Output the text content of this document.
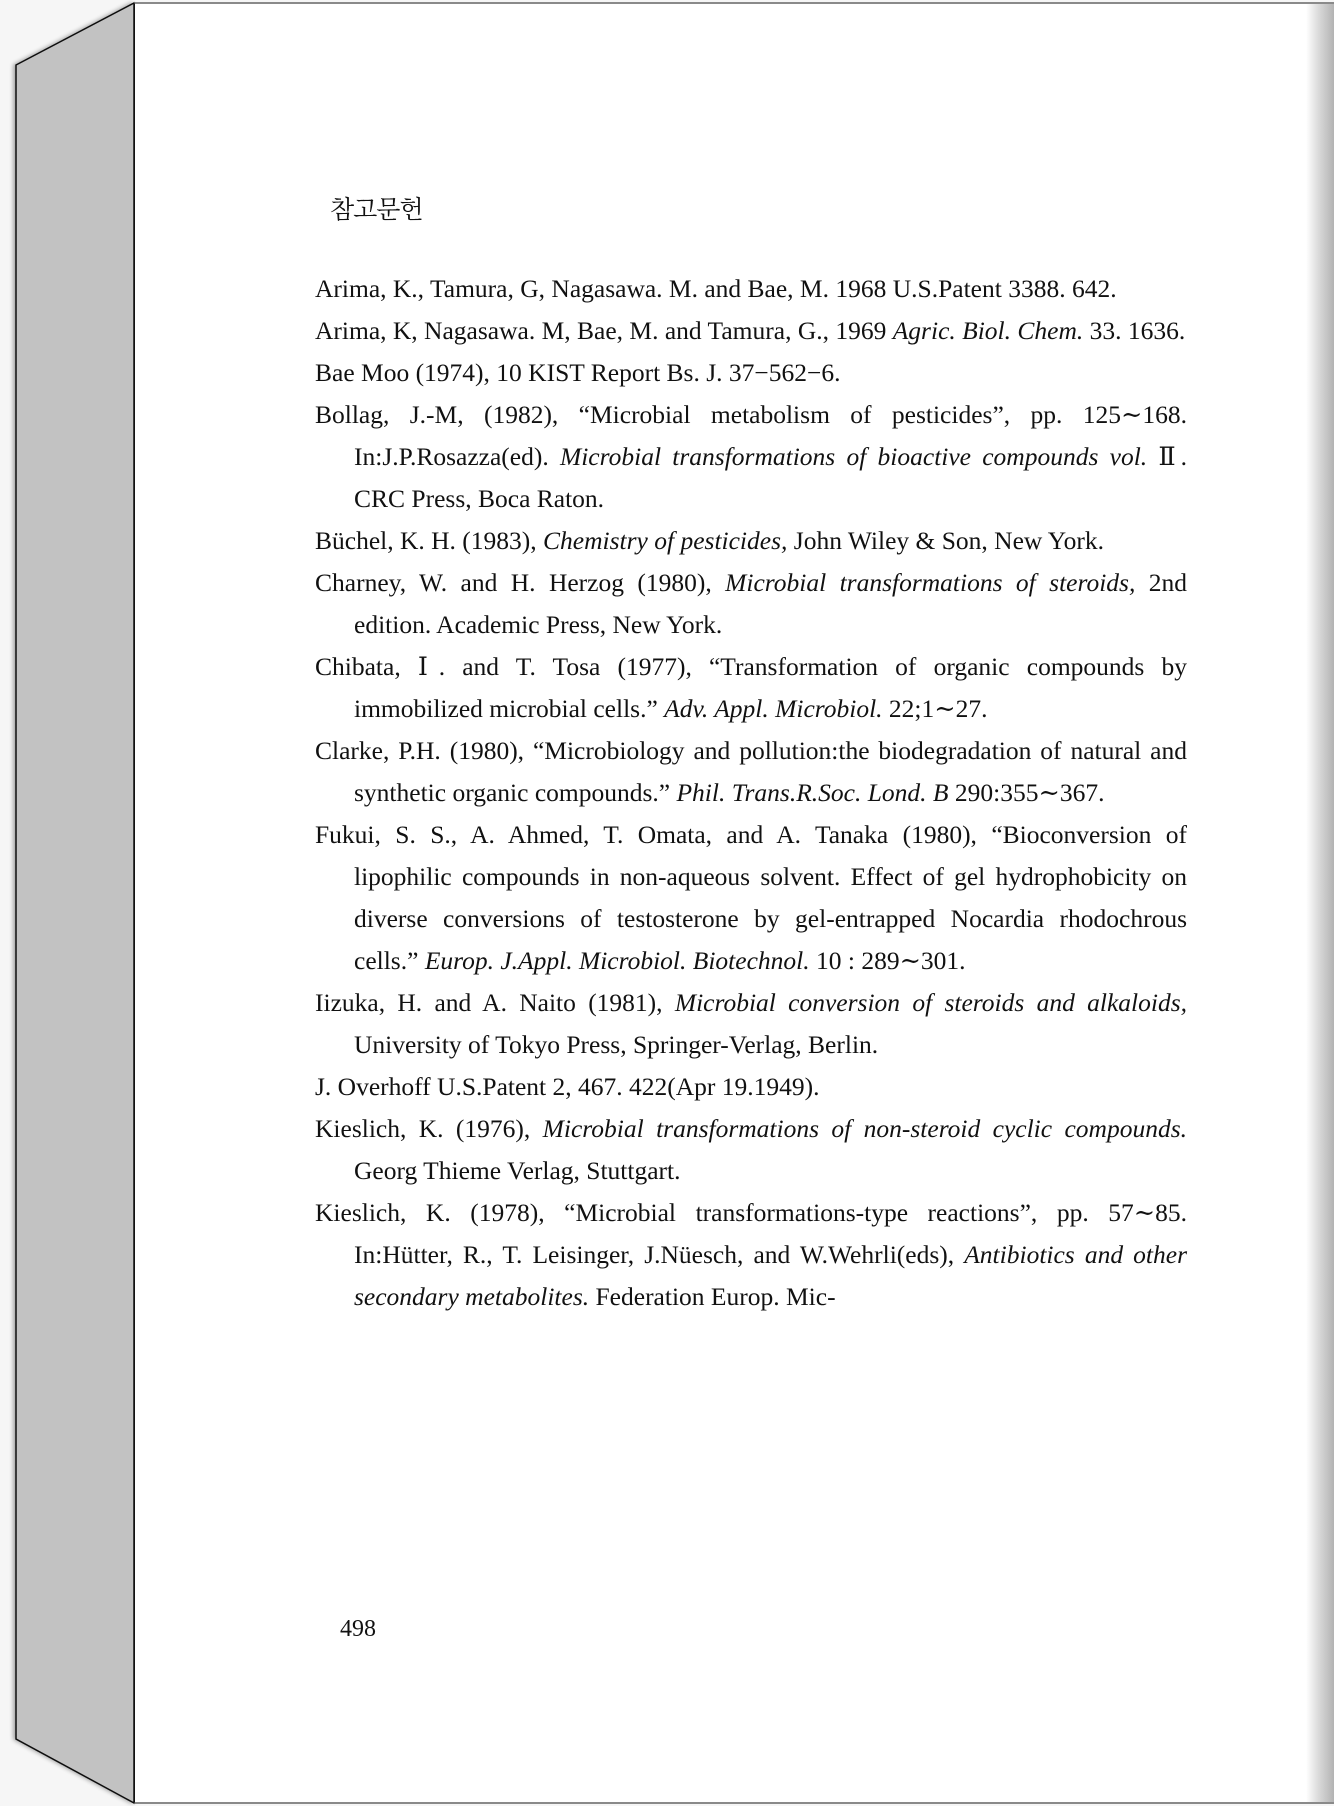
참고문헌

Arima, K., Tamura, G, Nagasawa. M. and Bae, M. 1968 U.S.Patent 3388. 642.

Arima, K, Nagasawa. M, Bae, M. and Tamura, G., 1969 Agric. Biol. Chem. 33. 1636.

Bae Moo (1974), 10 KIST Report Bs. J. 37−562−6.

Bollag, J.-M, (1982), “Microbial metabolism of pesticides”, pp. 125∼168. In:J.P.Rosazza(ed). Microbial transformations of bioactive compounds vol. Ⅱ. CRC Press, Boca Raton.

Büchel, K. H. (1983), Chemistry of pesticides, John Wiley & Son, New York.

Charney, W. and H. Herzog (1980), Microbial transformations of steroids, 2nd edition. Academic Press, New York.

Chibata, Ⅰ. and T. Tosa (1977), “Transformation of organic compounds by immobilized microbial cells.” Adv. Appl. Microbiol. 22;1∼27.

Clarke, P.H. (1980), “Microbiology and pollution:the biodegradation of natural and synthetic organic compounds.” Phil. Trans.R.Soc. Lond. B 290:355∼367.

Fukui, S. S., A. Ahmed, T. Omata, and A. Tanaka (1980), “Bioconversion of lipophilic compounds in non-aqueous solvent. Effect of gel hydrophobicity on diverse conversions of testosterone by gel-entrapped Nocardia rhodochrous cells.” Europ. J.Appl. Microbiol. Biotechnol. 10 : 289∼301.

Iizuka, H. and A. Naito (1981), Microbial conversion of steroids and alkaloids, University of Tokyo Press, Springer-Verlag, Berlin.

J. Overhoff U.S.Patent 2, 467. 422(Apr 19.1949).

Kieslich, K. (1976), Microbial transformations of non-steroid cyclic compounds. Georg Thieme Verlag, Stuttgart.

Kieslich, K. (1978), “Microbial transformations-type reactions”, pp. 57∼85. In:Hütter, R., T. Leisinger, J.Nüesch, and W.Wehrli(eds), Antibiotics and other secondary metabolites. Federation Europ. Mic-

498
